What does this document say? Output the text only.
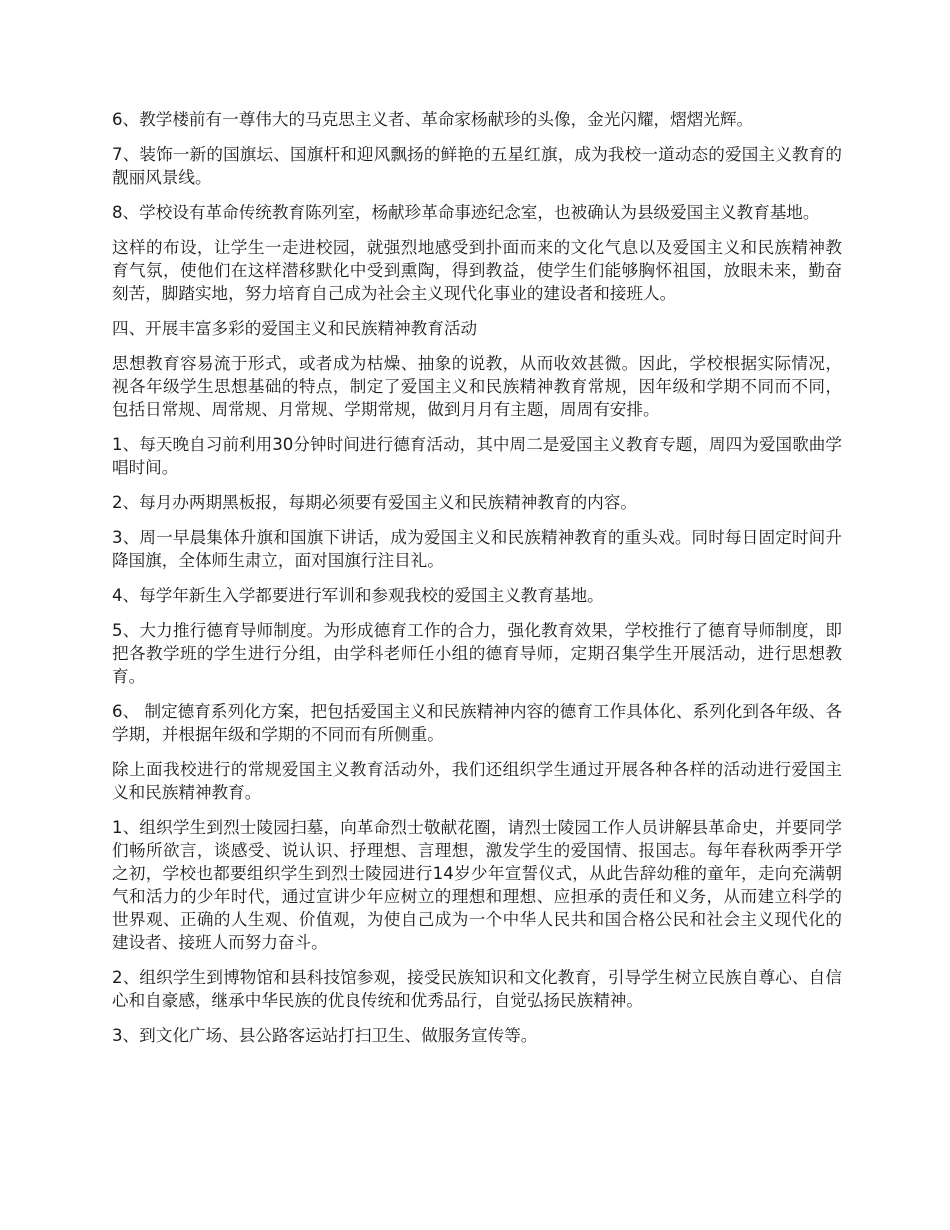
6、教学楼前有一尊伟大的马克思主义者、革命家杨献珍的头像，金光闪耀，熠熠光辉。

7、装饰一新的国旗坛、国旗杆和迎风飘扬的鲜艳的五星红旗，成为我校一道动态的爱国主义教育的靓丽风景线。

8、学校设有革命传统教育陈列室，杨献珍革命事迹纪念室，也被确认为县级爱国主义教育基地。

这样的布设，让学生一走进校园，就强烈地感受到扑面而来的文化气息以及爱国主义和民族精神教育气氛，使他们在这样潜移默化中受到熏陶，得到教益，使学生们能够胸怀祖国，放眼未来，勤奋刻苦，脚踏实地，努力培育自己成为社会主义现代化事业的建设者和接班人。

四、开展丰富多彩的爱国主义和民族精神教育活动

思想教育容易流于形式，或者成为枯燥、抽象的说教，从而收效甚微。因此，学校根据实际情况，视各年级学生思想基础的特点，制定了爱国主义和民族精神教育常规，因年级和学期不同而不同，包括日常规、周常规、月常规、学期常规，做到月月有主题，周周有安排。

1、每天晚自习前利用30分钟时间进行德育活动，其中周二是爱国主义教育专题，周四为爱国歌曲学唱时间。

2、每月办两期黑板报，每期必须要有爱国主义和民族精神教育的内容。

3、周一早晨集体升旗和国旗下讲话，成为爱国主义和民族精神教育的重头戏。同时每日固定时间升降国旗，全体师生肃立，面对国旗行注目礼。

4、每学年新生入学都要进行军训和参观我校的爱国主义教育基地。

5、大力推行德育导师制度。为形成德育工作的合力，强化教育效果，学校推行了德育导师制度，即把各教学班的学生进行分组，由学科老师任小组的德育导师，定期召集学生开展活动，进行思想教育。

6、 制定德育系列化方案，把包括爱国主义和民族精神内容的德育工作具体化、系列化到各年级、各学期，并根据年级和学期的不同而有所侧重。

除上面我校进行的常规爱国主义教育活动外，我们还组织学生通过开展各种各样的活动进行爱国主义和民族精神教育。

1、组织学生到烈士陵园扫墓，向革命烈士敬献花圈，请烈士陵园工作人员讲解县革命史，并要同学们畅所欲言，谈感受、说认识、抒理想、言理想，激发学生的爱国情、报国志。每年春秋两季开学之初，学校也都要组织学生到烈士陵园进行14岁少年宣誓仪式，从此告辞幼稚的童年，走向充满朝气和活力的少年时代，通过宣讲少年应树立的理想和理想、应担承的责任和义务，从而建立科学的世界观、正确的人生观、价值观，为使自己成为一个中华人民共和国合格公民和社会主义现代化的建设者、接班人而努力奋斗。

2、组织学生到博物馆和县科技馆参观，接受民族知识和文化教育，引导学生树立民族自尊心、自信心和自豪感，继承中华民族的优良传统和优秀品行，自觉弘扬民族精神。

3、到文化广场、县公路客运站打扫卫生、做服务宣传等。
